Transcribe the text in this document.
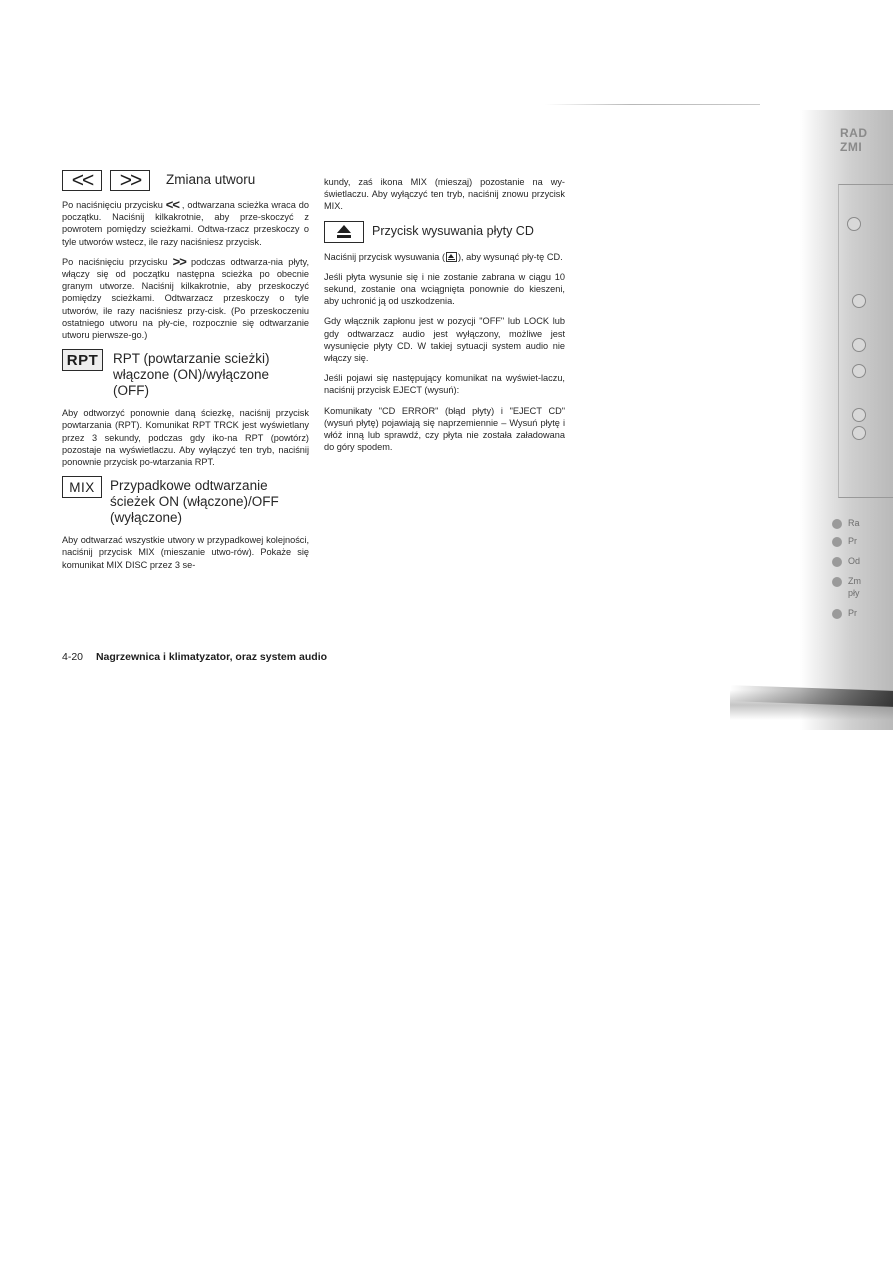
<<	>>	Zmiana utworu

Po naciśnięciu przycisku << , odtwarzana scieżka wraca do początku. Naciśnij kilkakrotnie, aby prze-skoczyć z powrotem pomiędzy scieżkami. Odtwa-rzacz przeskoczy o tyle utworów wstecz, ile razy naciśniesz przycisk.

Po naciśnięciu przycisku >> podczas odtwarza-nia płyty, włączy się od początku następna scieżka po obecnie granym utworze. Naciśnij kilkakrotnie, aby przeskoczyć pomiędzy scieżkami. Odtwarzacz przeskoczy o tyle utworów, ile razy naciśniesz przy-cisk. (Po przeskoczeniu ostatniego utworu na pły-cie, rozpocznie się odtwarzanie utworu pierwsze-go.)

RPT	RPT (powtarzanie scieżki)
włączone (ON)/wyłączone
(OFF)

Aby odtworzyć ponownie daną ściezkę, naciśnij przycisk powtarzania (RPT). Komunikat RPT TRCK jest wyświetlany przez 3 sekundy, podczas gdy iko-na RPT (powtórz) pozostaje na wyświetlaczu. Aby wyłączyć ten tryb, naciśnij ponownie przycisk po-wtarzania RPT.

MIX	Przypadkowe odtwarzanie
ścieżek ON (włączone)/OFF
(wyłączone)

Aby odtwarzać wszystkie utwory w przypadkowej kolejności, naciśnij przycisk MIX (mieszanie utwo-rów). Pokaże się komunikat MIX DISC przez 3 se-

kundy, zaś ikona MIX (mieszaj) pozostanie na wy-świetlaczu. Aby wyłączyć ten tryb, naciśnij znowu przycisk MIX.

Przycisk wysuwania płyty CD

Naciśnij przycisk wysuwania ( ), aby wysunąć pły-tę CD.

Jeśli płyta wysunie się i nie zostanie zabrana w ciągu 10 sekund, zostanie ona wciągnięta ponownie do kieszeni, aby uchronić ją od uszkodzenia.

Gdy włącznik zapłonu jest w pozycji "OFF" lub LOCK lub gdy odtwarzacz audio jest wyłączony, możliwe jest wysunięcie płyty CD. W takiej sytuacji system audio nie włączy się.

Jeśli pojawi się następujący komunikat na wyświet-laczu, naciśnij przycisk EJECT (wysuń):

Komunikaty "CD ERROR" (błąd płyty) i "EJECT CD" (wysuń płytę) pojawiają się naprzemiennie – Wysuń płytę i włóż inną lub sprawdź, czy płyta nie została załadowana do góry spodem.

4-20 Nagrzewnica i klimatyzator, oraz system audio
RAD
ZMI
Ra
Pr
Od
Zm
pły
Pr
